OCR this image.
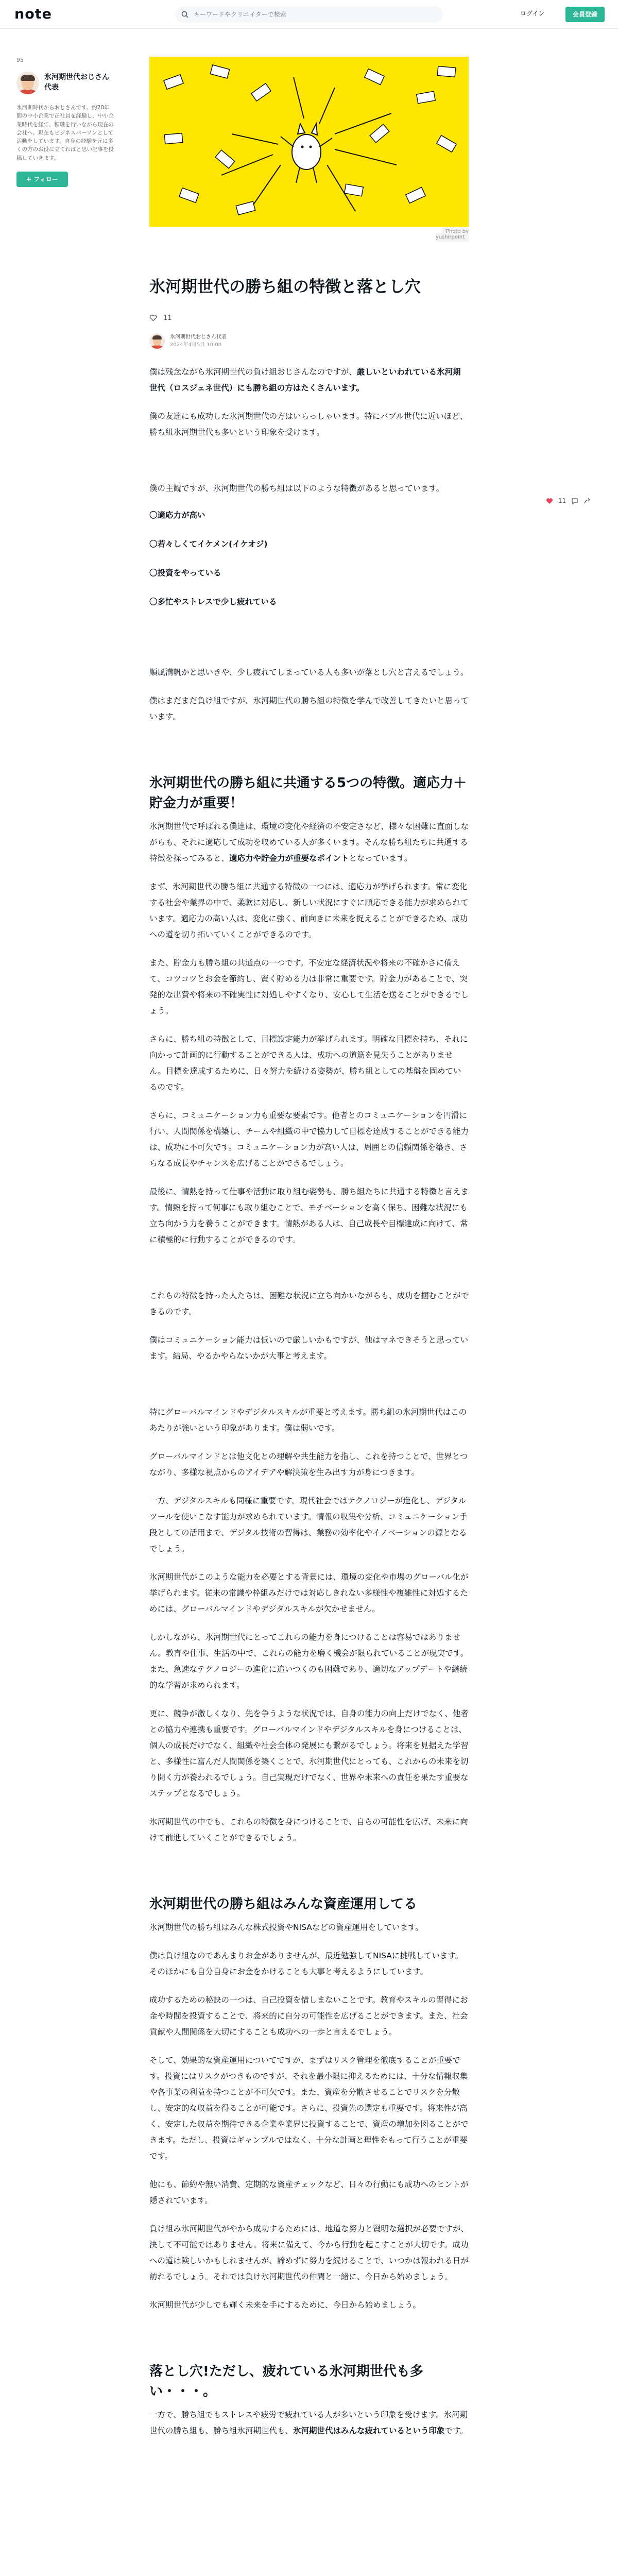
note
キーワードやクリエイターで検索	ログイン	会員登録
95
氷河期世代おじさん代表
氷河期時代からおじさんです。約20年間の中小企業で正社員を経験し、中小企業時代を経て、転職を行いながら現在の会社へ。現在もビジネスパーソンとして活動をしています。自身の経験を元に多くの方のお役に立てればと思い記事を投稿していきます。
フォロー
Photo by yushirpoint
11
氷河期世代の勝ち組の特徴と落とし穴
11
氷河期世代おじさん代表
2024年4月5日 10:00

僕は残念ながら氷河期世代の負け組おじさんなのですが、厳しいといわれている氷河期世代（ロスジェネ世代）にも勝ち組の方はたくさんいます。

僕の友達にも成功した氷河期世代の方はいらっしゃいます。特にバブル世代に近いほど、勝ち組氷河期世代も多いという印象を受けます。

僕の主観ですが、氷河期世代の勝ち組は以下のような特徴があると思っています。

〇適応力が高い
〇若々しくてイケメン(イケオジ)
〇投資をやっている
〇多忙やストレスで少し疲れている

順風満帆かと思いきや、少し疲れてしまっている人も多いが落とし穴と言えるでしょう。

僕はまだまだ負け組ですが、氷河期世代の勝ち組の特徴を学んで改善してきたいと思っています。

氷河期世代の勝ち組に共通する5つの特徴。適応力＋貯金力が重要！

氷河期世代で呼ばれる僕達は、環境の変化や経済の不安定さなど、様々な困難に直面しながらも、それに適応して成功を収めている人が多くいます。そんな勝ち組たちに共通する特徴を探ってみると、適応力や貯金力が重要なポイントとなっています。

まず、氷河期世代の勝ち組に共通する特徴の一つには、適応力が挙げられます。常に変化する社会や業界の中で、柔軟に対応し、新しい状況にすぐに順応できる能力が求められています。適応力の高い人は、変化に強く、前向きに未来を捉えることができるため、成功への道を切り拓いていくことができるのです。

また、貯金力も勝ち組の共通点の一つです。不安定な経済状況や将来の不確かさに備えて、コツコツとお金を節約し、賢く貯める力は非常に重要です。貯金力があることで、突発的な出費や将来の不確実性に対処しやすくなり、安心して生活を送ることができるでしょう。

さらに、勝ち組の特徴として、目標設定能力が挙げられます。明確な目標を持ち、それに向かって計画的に行動することができる人は、成功への道筋を見失うことがありません。目標を達成するために、日々努力を続ける姿勢が、勝ち組としての基盤を固めているのです。

さらに、コミュニケーション力も重要な要素です。他者とのコミュニケーションを円滑に行い、人間関係を構築し、チームや組織の中で協力して目標を達成することができる能力は、成功に不可欠です。コミュニケーション力が高い人は、周囲との信頼関係を築き、さらなる成長やチャンスを広げることができるでしょう。

最後に、情熱を持って仕事や活動に取り組む姿勢も、勝ち組たちに共通する特徴と言えます。情熱を持って何事にも取り組むことで、モチベーションを高く保ち、困難な状況にも立ち向かう力を養うことができます。情熱がある人は、自己成長や目標達成に向けて、常に積極的に行動することができるのです。

これらの特徴を持った人たちは、困難な状況に立ち向かいながらも、成功を掴むことができるのです。

僕はコミュニケーション能力は低いので厳しいかもですが、他はマネできそうと思っています。結局、やるかやらないかが大事と考えます。

特にグローバルマインドやデジタルスキルが重要と考えます。勝ち組の氷河期世代はこのあたりが強いという印象があります。僕は弱いです。

グローバルマインドとは他文化との理解や共生能力を指し、これを持つことで、世界とつながり、多様な視点からのアイデアや解決策を生み出す力が身につきます。

一方、デジタルスキルも同様に重要です。現代社会ではテクノロジーが進化し、デジタルツールを使いこなす能力が求められています。情報の収集や分析、コミュニケーション手段としての活用まで、デジタル技術の習得は、業務の効率化やイノベーションの源となるでしょう。

氷河期世代がこのような能力を必要とする背景には、環境の変化や市場のグローバル化が挙げられます。従来の常識や枠組みだけでは対応しきれない多様性や複雑性に対処するためには、グローバルマインドやデジタルスキルが欠かせません。

しかしながら、氷河期世代にとってこれらの能力を身につけることは容易ではありません。教育や仕事、生活の中で、これらの能力を磨く機会が限られていることが現実です。また、急速なテクノロジーの進化に追いつくのも困難であり、適切なアップデートや継続的な学習が求められます。

更に、競争が激しくなり、先を争うような状況では、自身の能力の向上だけでなく、他者との協力や連携も重要です。グローバルマインドやデジタルスキルを身につけることは、個人の成長だけでなく、組織や社会全体の発展にも繋がるでしょう。将来を見据えた学習と、多様性に富んだ人間関係を築くことで、氷河期世代にとっても、これからの未来を切り開く力が養われるでしょう。自己実現だけでなく、世界や未来への責任を果たす重要なステップとなるでしょう。

氷河期世代の中でも、これらの特徴を身につけることで、自らの可能性を広げ、未来に向けて前進していくことができるでしょう。

氷河期世代の勝ち組はみんな資産運用してる

氷河期世代の勝ち組はみんな株式投資やNISAなどの資産運用をしています。

僕は負け組なのであんまりお金がありませんが、最近勉強してNISAに挑戦しています。そのほかにも自分自身にお金をかけることも大事と考えるようにしています。

成功するための秘訣の一つは、自己投資を惜しまないことです。教育やスキルの習得にお金や時間を投資することで、将来的に自分の可能性を広げることができます。また、社会貢献や人間関係を大切にすることも成功への一歩と言えるでしょう。

そして、効果的な資産運用についてですが、まずはリスク管理を徹底することが重要です。投資にはリスクがつきものですが、それを最小限に抑えるためには、十分な情報収集や各事業の利益を持つことが不可欠です。また、資産を分散させることでリスクを分散し、安定的な収益を得ることが可能です。さらに、投資先の選定も重要です。将来性が高く、安定した収益を期待できる企業や業界に投資することで、資産の増加を図ることができます。ただし、投資はギャンブルではなく、十分な計画と理性をもって行うことが重要です。

他にも、節約や無い消費、定期的な資産チェックなど、日々の行動にも成功へのヒントが隠されています。

負け組み氷河期世代がやから成功するためには、地道な努力と賢明な選択が必要ですが、決して不可能ではありません。将来に備えて、今から行動を起こすことが大切です。成功への道は険しいかもしれませんが、諦めずに努力を続けることで、いつかは報われる日が訪れるでしょう。それでは負け氷河期世代の仲間と一緒に、今日から始めましょう。

氷河期世代が少しでも輝く未来を手にするために、今日から始めましょう。

落とし穴!ただし、疲れている氷河期世代も多い・・・。

一方で、勝ち組でもストレスや疲労で疲れている人が多いという印象を受けます。氷河期世代の勝ち組も、勝ち組氷河期世代も、氷河期世代はみんな疲れているという印象です。
